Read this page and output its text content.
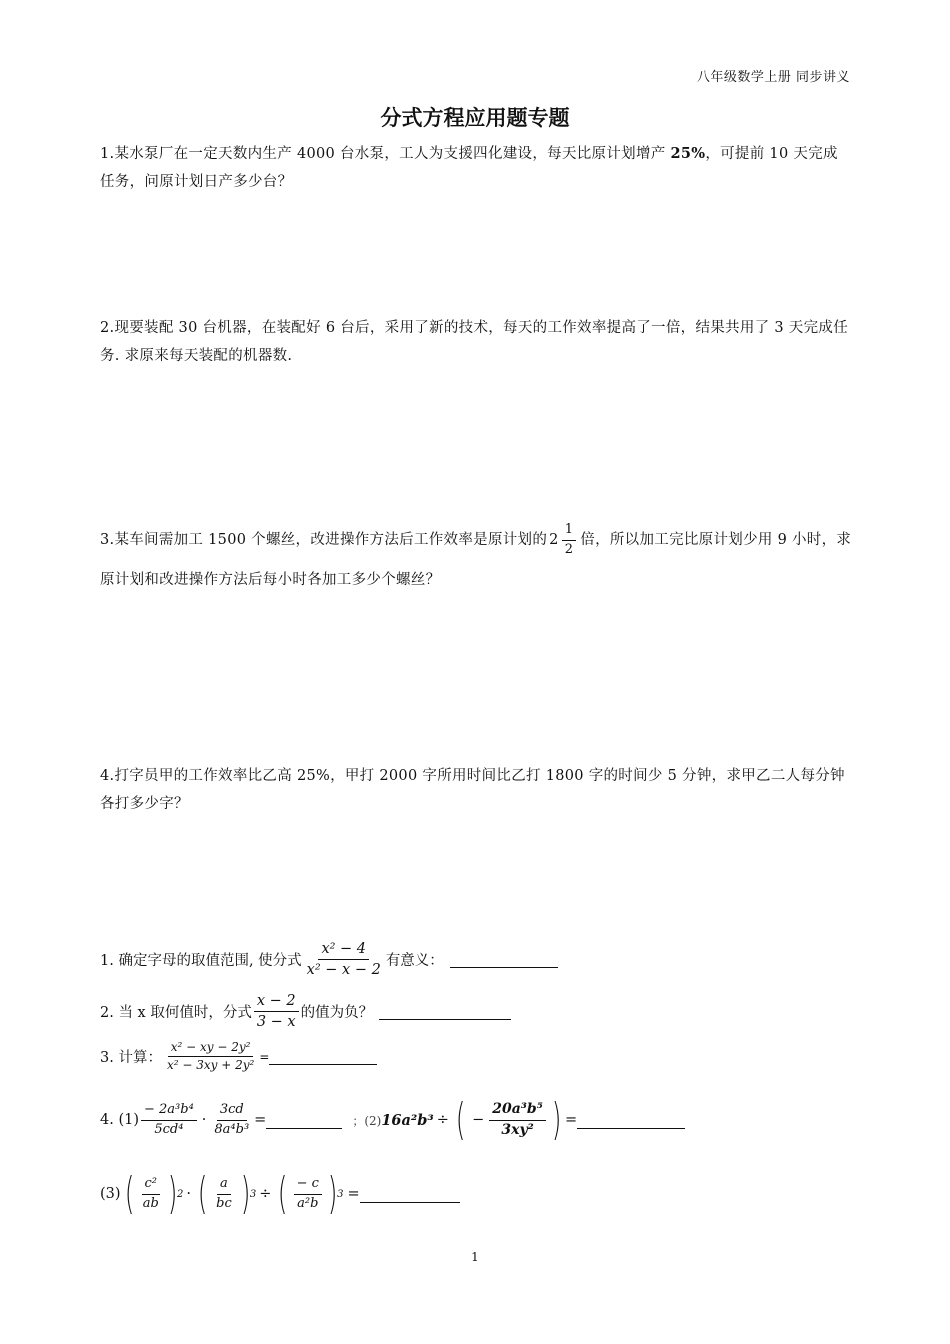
八年级数学上册 同步讲义
分式方程应用题专题
1.某水泵厂在一定天数内生产 4000 台水泵，工人为支援四化建设，每天比原计划增产 25%，可提前 10 天完成任务，问原计划日产多少台？
2.现要装配 30 台机器，在装配好 6 台后，采用了新的技术，每天的工作效率提高了一倍，结果共用了 3 天完成任务. 求原来每天装配的机器数.
3.某车间需加工 1500 个螺丝，改进操作方法后工作效率是原计划的 $2 \frac{1}{2}$ 倍，所以加工完比原计划少用 9 小时，求原计划和改进操作方法后每小时各加工多少个螺丝？
4.打字员甲的工作效率比乙高 25%，甲打 2000 字所用时间比乙打 1800 字的时间少 5 分钟，求甲乙二人每分钟各打多少字？
1. 确定字母的取值范围, 使分式 $\frac{\text{x² − 4}}{\text{x² − x − 2}}$ 有意义：
2. 当 x 取何值时，分式 $\frac{x - 2}{3 - x}$ 的值为负？
3. 计算： $\frac{\text{x² − xy − 2y²}}{\text{x² − 3xy + 2y²}}$ =
4. $(1) \frac{\text{− 2a³b⁴}}{\text{5cd⁴}} \cdot \frac{3cd}{\text{8a⁴b³}}$ =	；(2) 16a²b³ ÷ ( − $\frac{\text{20a³b⁵}}{\text{3xy²}}$ ) =
(3) ( $\frac{\text{c²}}{ab}$ ) 2 · ( $\frac{a}{bc}$ ) 3 ÷ ( $\frac{- c}{\text{a²b}}$ ) 3 =
1
